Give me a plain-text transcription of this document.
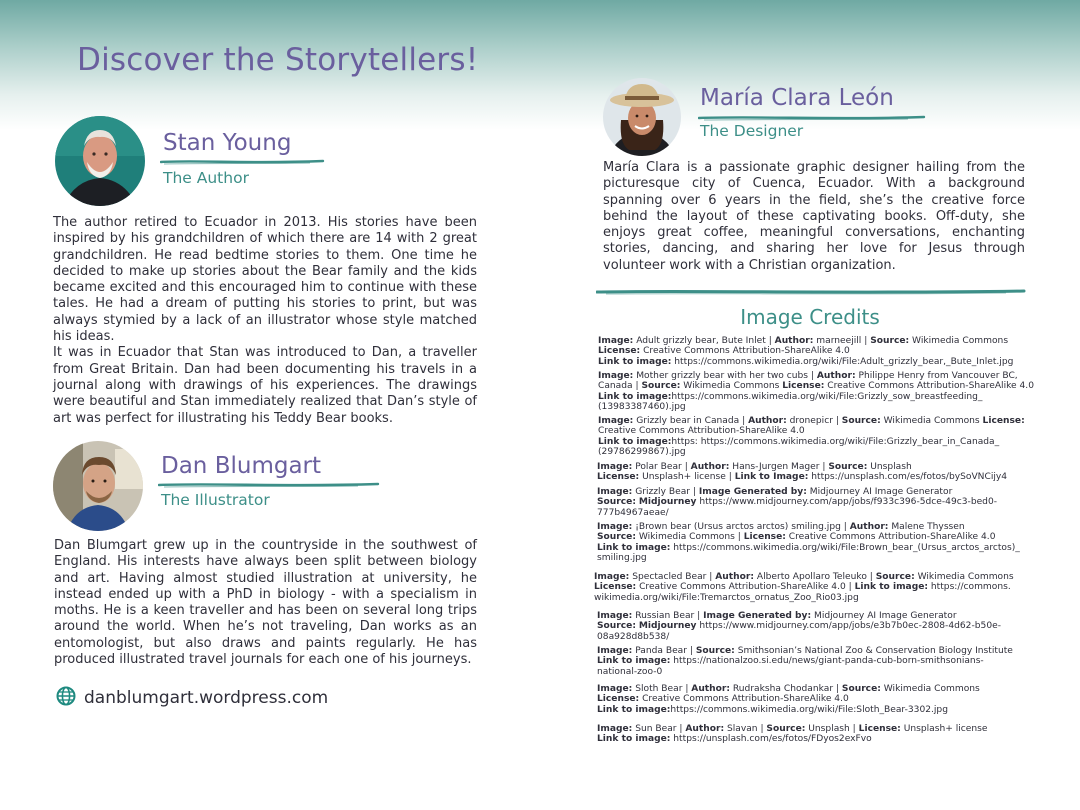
Discover the Storytellers!
Stan Young
The Author

The author retired to Ecuador in 2013. His stories have been inspired by his grandchildren of which there are 14 with 2 great grandchildren. He read bedtime stories to them. One time he decided to make up stories about the Bear family and the kids became excited and this encouraged him to continue with these tales. He had a dream of putting his stories to print, but was always stymied by a lack of an illustrator whose style matched his ideas.

It was in Ecuador that Stan was introduced to Dan, a traveller from Great Britain. Dan had been documenting his travels in a journal along with drawings of his experiences. The drawings were beautiful and Stan immediately realized that Dan’s style of art was perfect for illustrating his Teddy Bear books.

Dan Blumgart
The Illustrator
Dan Blumgart grew up in the countryside in the southwest of England. His interests have always been split between biology and art. Having almost studied illustration at university, he instead ended up with a PhD in biology - with a specialism in moths. He is a keen traveller and has been on several long trips around the world. When he’s not traveling, Dan works as an entomologist, but also draws and paints regularly. He has produced illustrated travel journals for each one of his journeys.
danblumgart.wordpress.com
María Clara León
The Designer
María Clara is a passionate graphic designer hailing from the picturesque city of Cuenca, Ecuador. With a background spanning over 6 years in the field, she’s the creative force behind the layout of these captivating books. Off-duty, she enjoys great coffee, meaningful conversations, enchanting stories, dancing, and sharing her love for Jesus through volunteer work with a Christian organization.
Image Credits
Image: Adult grizzly bear, Bute Inlet | Author: marneejill | Source: Wikimedia Commons
License: Creative Commons Attribution-ShareAlike 4.0
Link to image: https://commons.wikimedia.org/wiki/File:Adult_grizzly_bear,_Bute_Inlet.jpg
Image: Mother grizzly bear with her two cubs | Author: Philippe Henry from Vancouver BC,
Canada | Source: Wikimedia Commons License: Creative Commons Attribution-ShareAlike 4.0
Link to image:https://commons.wikimedia.org/wiki/File:Grizzly_sow_breastfeeding_
(13983387460).jpg
Image: Grizzly bear in Canada | Author: dronepicr | Source: Wikimedia Commons License:
Creative Commons Attribution-ShareAlike 4.0
Link to image:https: https://commons.wikimedia.org/wiki/File:Grizzly_bear_in_Canada_
(29786299867).jpg
Image: Polar Bear | Author: Hans-Jurgen Mager | Source: Unsplash
License: Unsplash+ license | Link to Image: https://unsplash.com/es/fotos/bySoVNCijy4
Image: Grizzly Bear | Image Generated by: Midjourney AI Image Generator
Source: Midjourney https://www.midjourney.com/app/jobs/f933c396-5dce-49c3-bed0-
777b4967aeae/
Image: ¡Brown bear (Ursus arctos arctos) smiling.jpg | Author: Malene Thyssen
Source: Wikimedia Commons | License: Creative Commons Attribution-ShareAlike 4.0
Link to image: https://commons.wikimedia.org/wiki/File:Brown_bear_(Ursus_arctos_arctos)_
smiling.jpg
Image: Spectacled Bear | Author: Alberto Apollaro Teleuko | Source: Wikimedia Commons
License: Creative Commons Attribution-ShareAlike 4.0 | Link to image: https://commons.
wikimedia.org/wiki/File:Tremarctos_ornatus_Zoo_Rio03.jpg
Image: Russian Bear | Image Generated by: Midjourney AI Image Generator
Source: Midjourney https://www.midjourney.com/app/jobs/e3b7b0ec-2808-4d62-b50e-
08a928d8b538/
Image: Panda Bear | Source: Smithsonian’s National Zoo & Conservation Biology Institute
Link to image: https://nationalzoo.si.edu/news/giant-panda-cub-born-smithsonians-
national-zoo-0
Image: Sloth Bear | Author: Rudraksha Chodankar | Source: Wikimedia Commons
License: Creative Commons Attribution-ShareAlike 4.0
Link to image:https://commons.wikimedia.org/wiki/File:Sloth_Bear-3302.jpg
Image: Sun Bear | Author: Slavan | Source: Unsplash | License: Unsplash+ license
Link to image: https://unsplash.com/es/fotos/FDyos2exFvo
